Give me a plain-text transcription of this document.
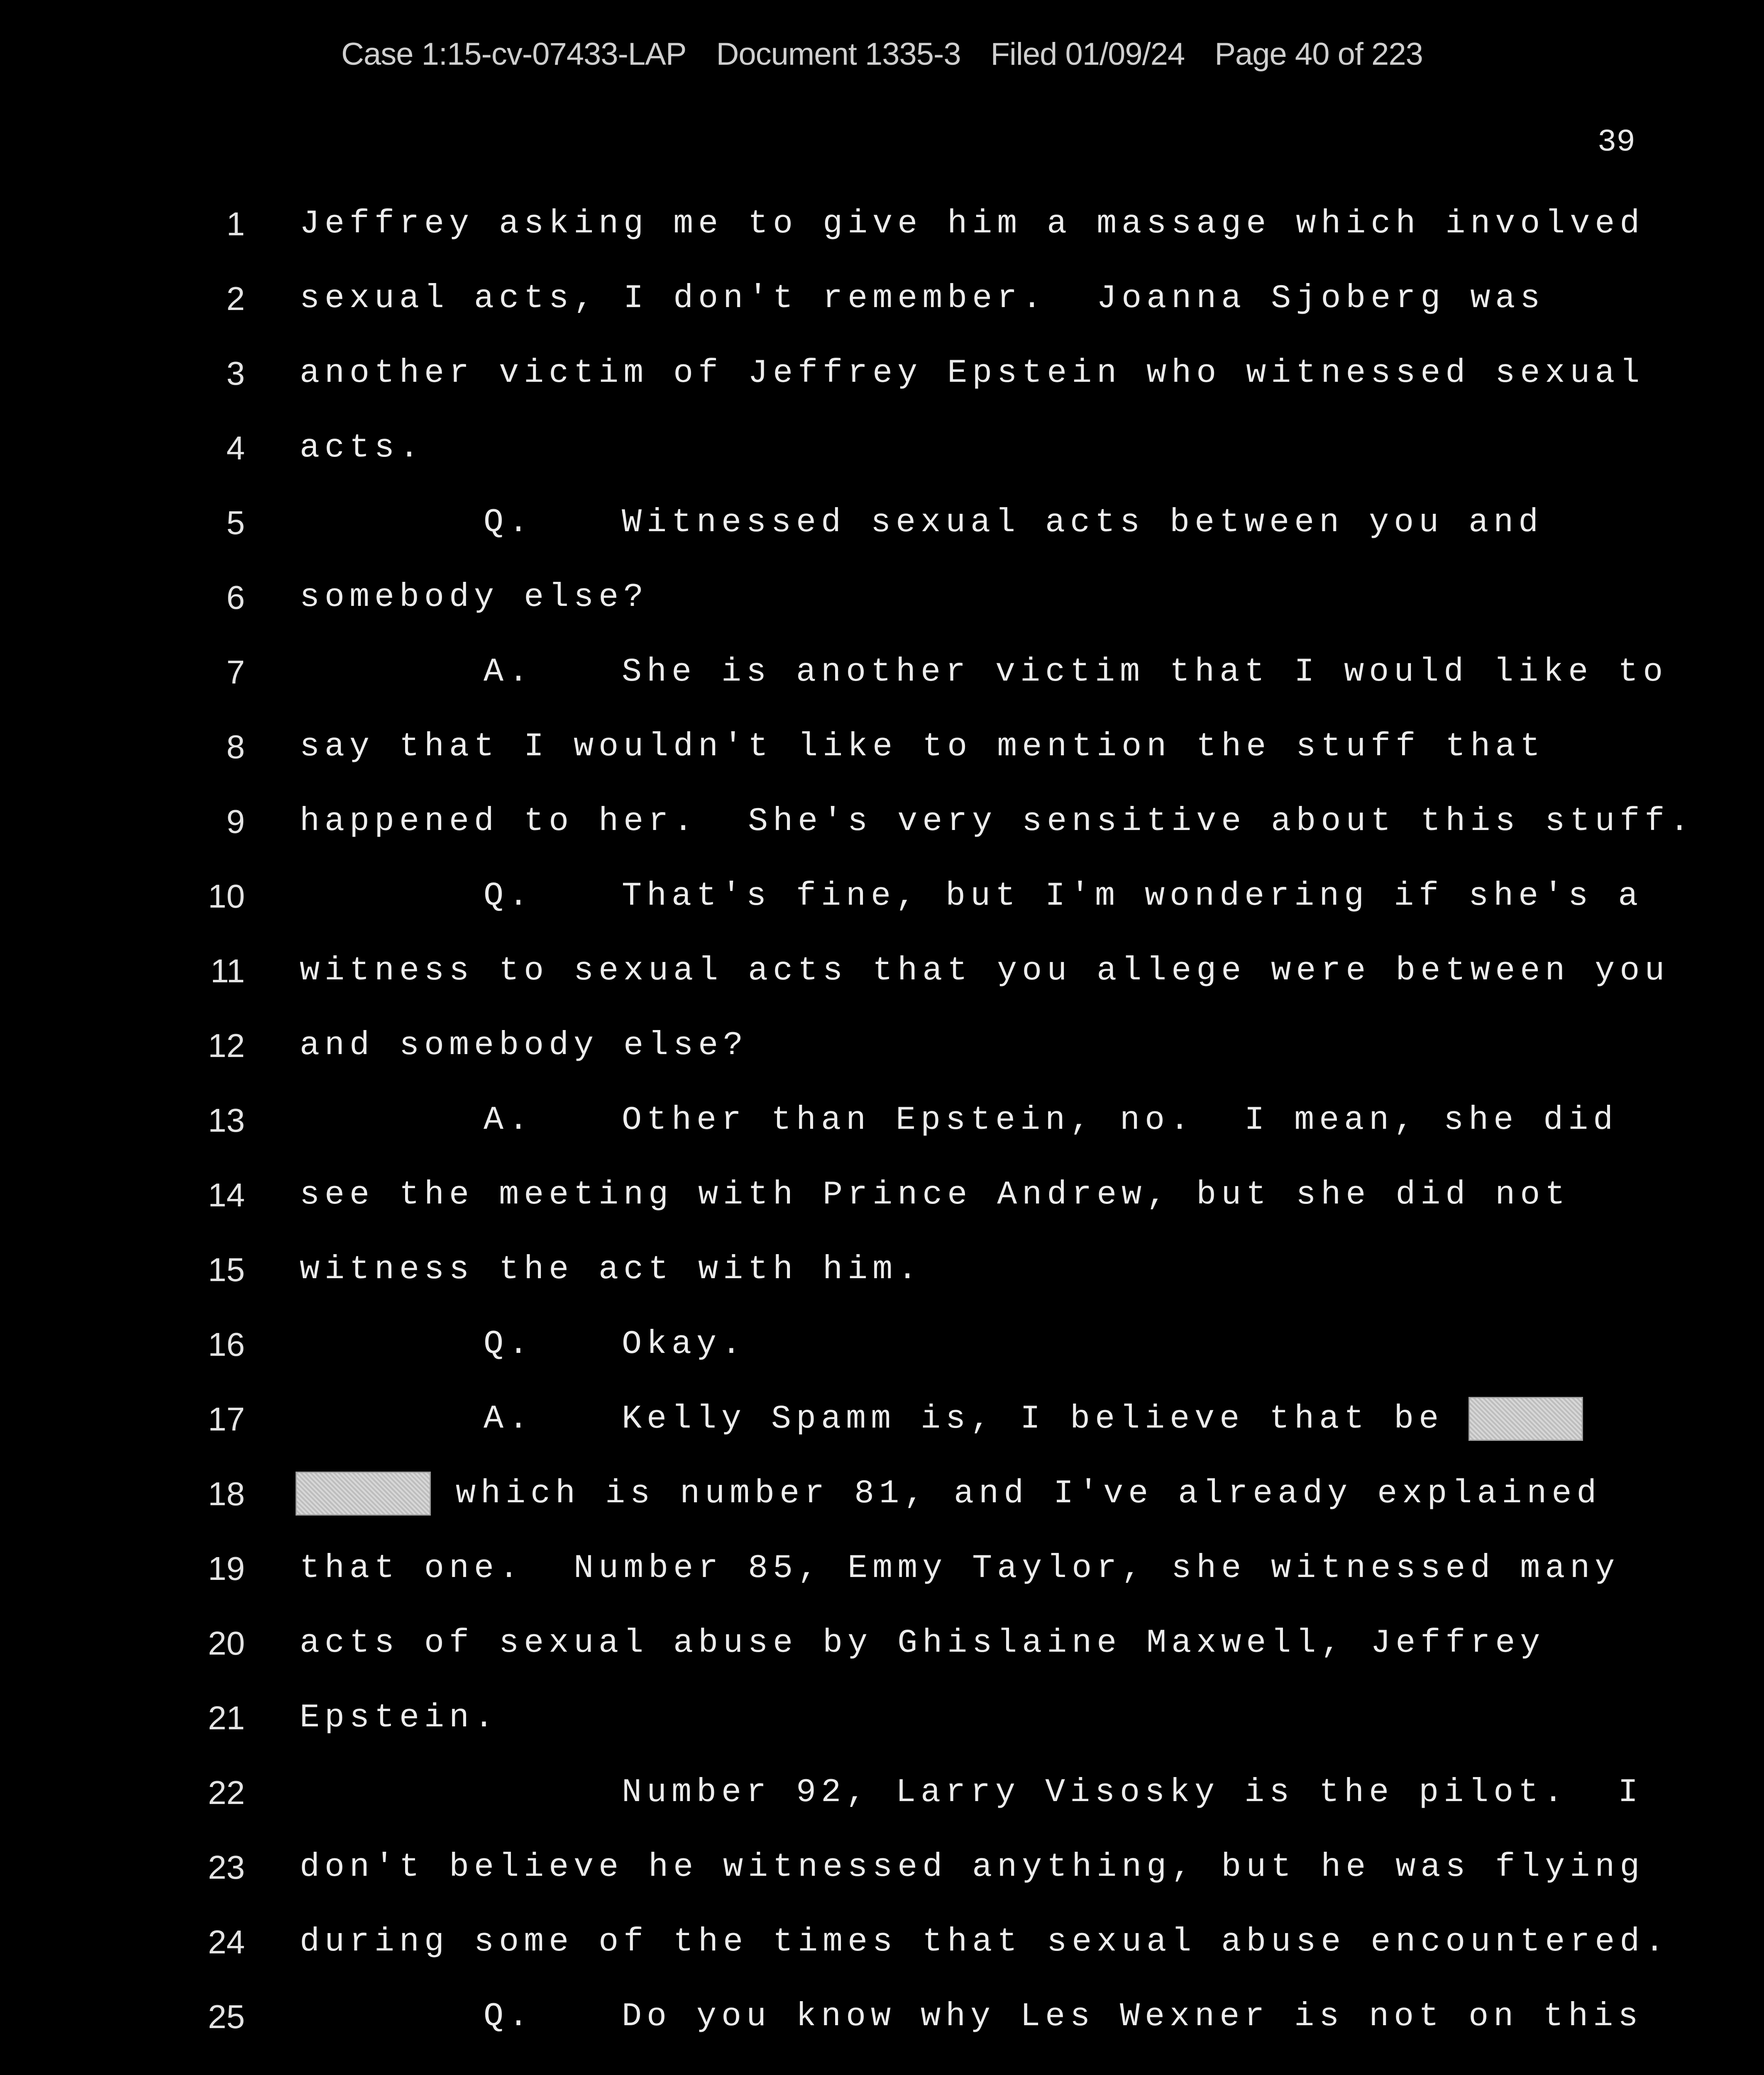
Case 1:15-cv-07433-LAP Document 1335-3 Filed 01/09/24 Page 40 of 223
39
1 Jeffrey asking me to give him a massage which involved
2 sexual acts, I don't remember.  Joanna Sjoberg was
3 another victim of Jeffrey Epstein who witnessed sexual
4 acts.
5	Q.	Witnessed sexual acts between you and
6 somebody else?
7	A.	She is another victim that I would like to
8 say that I wouldn't like to mention the stuff that
9 happened to her.  She's very sensitive about this stuff.
10	Q.	That's fine, but I'm wondering if she's a
11 witness to sexual acts that you allege were between you
12 and somebody else?
13	A.	Other than Epstein, no.  I mean, she did
14 see the meeting with Prince Andrew, but she did not
15 witness the act with him.
16	Q.	Okay.
17	A.	Kelly Spamm is, I believe that be
18	which is number 81, and I've already explained
19 that one.  Number 85, Emmy Taylor, she witnessed many
20 acts of sexual abuse by Ghislaine Maxwell, Jeffrey
21 Epstein.
22	Number 92, Larry Visosky is the pilot.  I
23 don't believe he witnessed anything, but he was flying
24 during some of the times that sexual abuse encountered.
25	Q.	Do you know why Les Wexner is not on this
